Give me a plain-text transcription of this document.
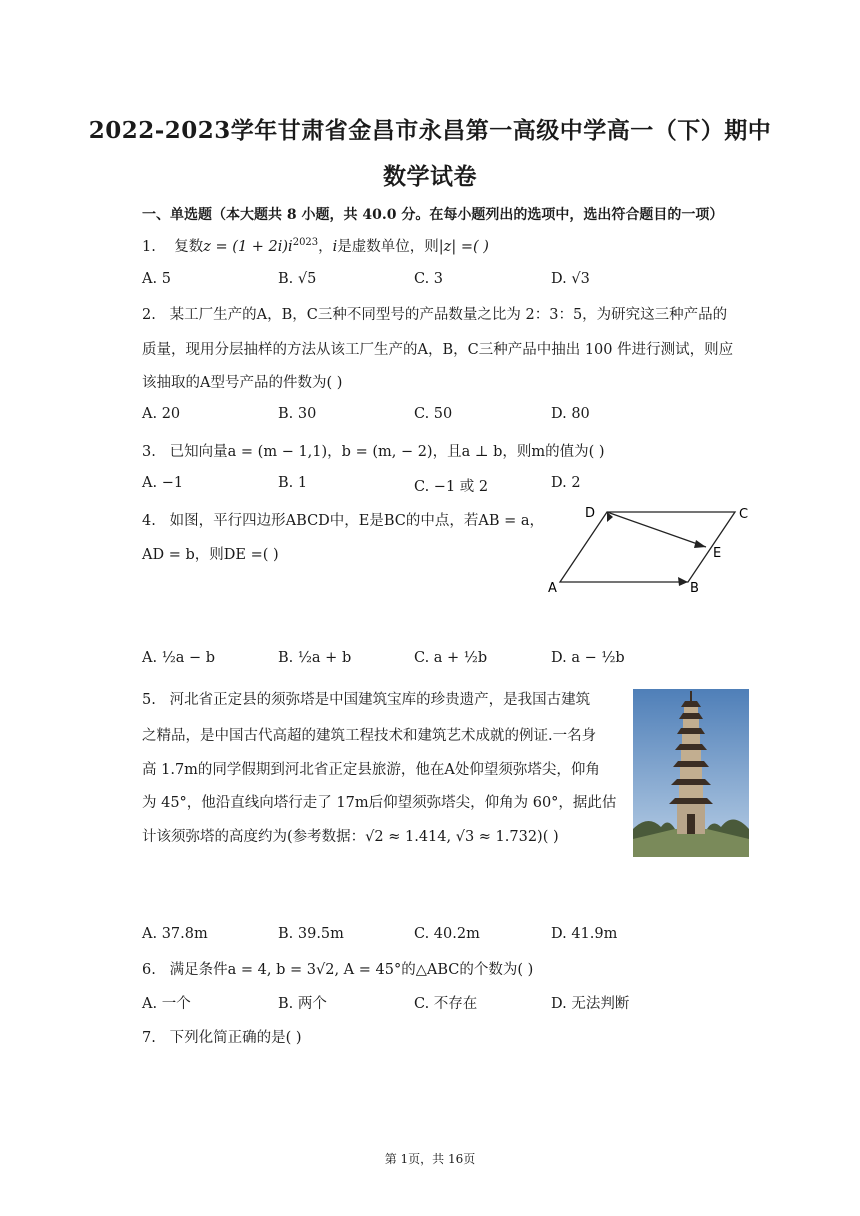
2022-2023学年甘肃省金昌市永昌第一高级中学高一（下）期中
数学试卷
一、单选题（本大题共 8 小题，共 40.0 分。在每小题列出的选项中，选出符合题目的一项）
1. 复数$z = (1 + 2i)i^{2023}$，i是虚数单位，则|z| =( )
A. 5	B. √5	C. 3	D. √3
2. 某工厂生产的A，B，C三种不同型号的产品数量之比为 2：3：5，为研究这三种产品的
质量，现用分层抽样的方法从该工厂生产的A，B，C三种产品中抽出 100 件进行测试，则应
该抽取的A型号产品的件数为( )
A. 20	B. 30	C. 50	D. 80
3. 已知向量a = (m − 1,1)，b = (m, − 2)，且a ⊥ b，则m的值为( )
A. −1	B. 1	C. −1 或 2	D. 2
4. 如图，平行四边形ABCD中，E是BC的中点，若AB = a，
AD = b，则DE =( )
D	C
E
A	B
A. ½a − b	B. ½a + b	C. a + ½b	D. a − ½b
5. 河北省正定县的须弥塔是中国建筑宝库的珍贵遗产，是我国古建筑
之精品，是中国古代高超的建筑工程技术和建筑艺术成就的例证.一名身
高 1.7m的同学假期到河北省正定县旅游，他在A处仰望须弥塔尖，仰角
为 45°，他沿直线向塔行走了 17m后仰望须弥塔尖，仰角为 60°，据此估
计该须弥塔的高度约为(参考数据：√2 ≈ 1.414, √3 ≈ 1.732)( )
A. 37.8m	B. 39.5m	C. 40.2m	D. 41.9m
6. 满足条件a = 4, b = 3√2, A = 45°的△ABC的个数为( )
A. 一个	B. 两个	C. 不存在	D. 无法判断
7. 下列化简正确的是( )
第 1页，共 16页
